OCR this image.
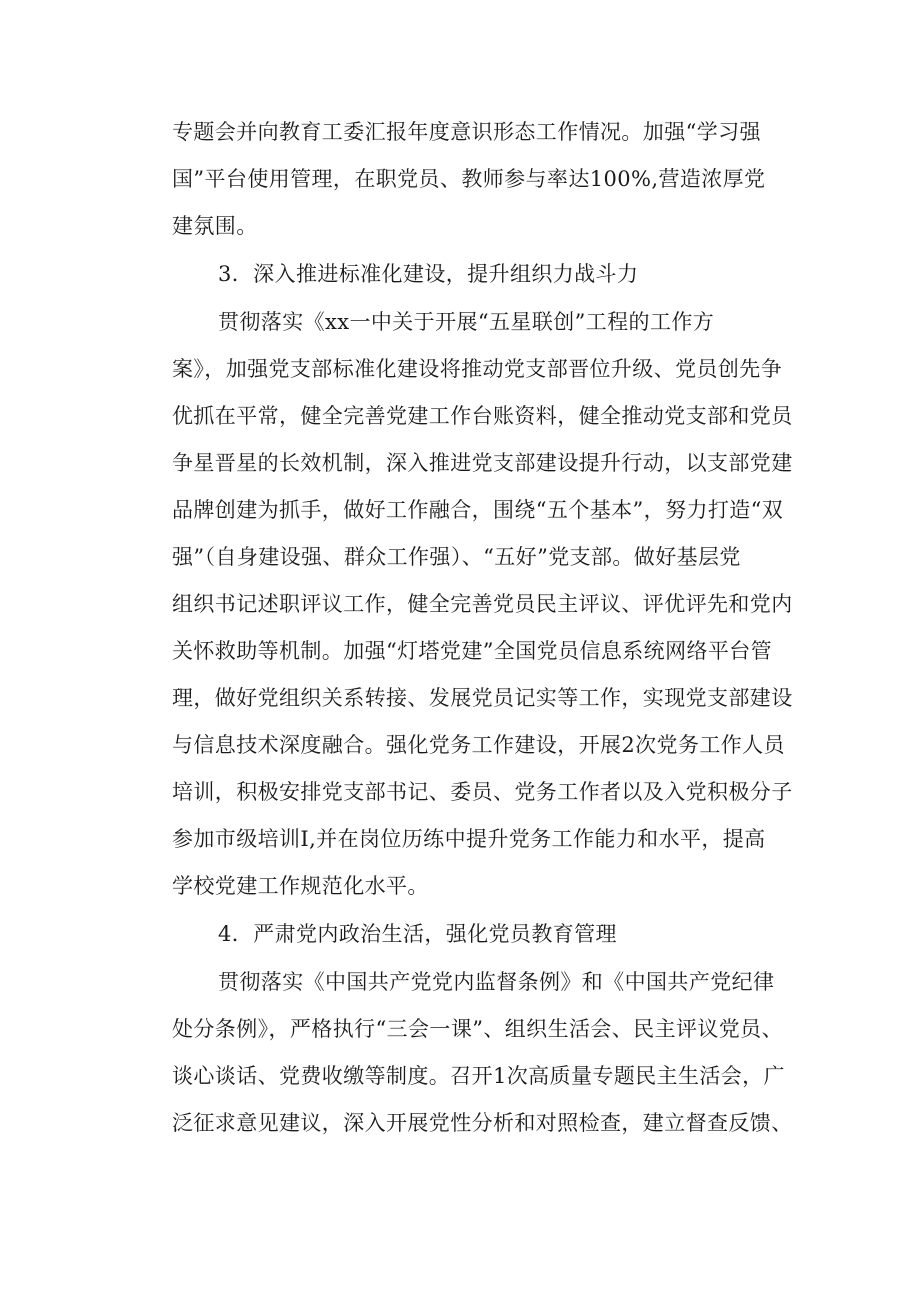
专题会并向教育工委汇报年度意识形态工作情况。加强“学习强
国”平台使用管理，在职党员、教师参与率达100%,营造浓厚党
建氛围。
3．深入推进标准化建设，提升组织力战斗力
贯彻落实《xx一中关于开展“五星联创”工程的工作方
案》，加强党支部标准化建设将推动党支部晋位升级、党员创先争
优抓在平常，健全完善党建工作台账资料，健全推动党支部和党员
争星晋星的长效机制，深入推进党支部建设提升行动，以支部党建
品牌创建为抓手，做好工作融合，围绕“五个基本”，努力打造“双
强”（自身建设强、群众工作强）、“五好”党支部。做好基层党
组织书记述职评议工作，健全完善党员民主评议、评优评先和党内
关怀救助等机制。加强“灯塔党建”全国党员信息系统网络平台管
理，做好党组织关系转接、发展党员记实等工作，实现党支部建设
与信息技术深度融合。强化党务工作建设，开展2次党务工作人员
培训，积极安排党支部书记、委员、党务工作者以及入党积极分子
参加市级培训I,并在岗位历练中提升党务工作能力和水平，提高
学校党建工作规范化水平。
4．严肃党内政治生活，强化党员教育管理
贯彻落实《中国共产党党内监督条例》和《中国共产党纪律
处分条例》，严格执行“三会一课”、组织生活会、民主评议党员、
谈心谈话、党费收缴等制度。召开1次高质量专题民主生活会，广
泛征求意见建议，深入开展党性分析和对照检查，建立督查反馈、
